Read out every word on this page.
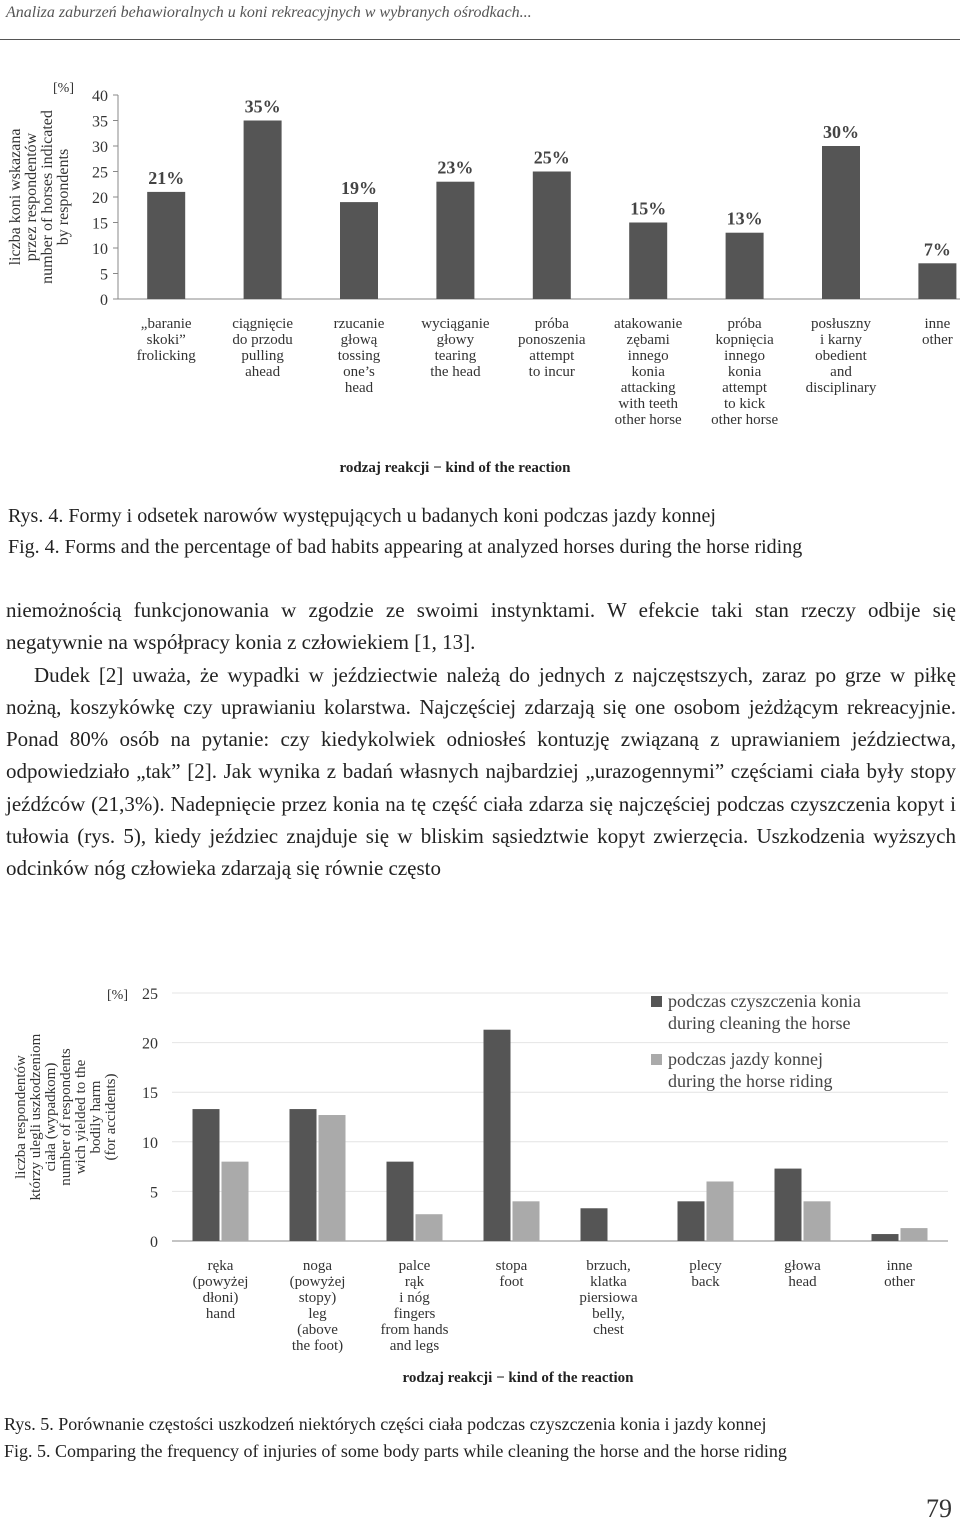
Analiza zaburzeń behawioralnych u koni rekreacyjnych w wybranych ośrodkach...
0
5
10
15
20
25
30
35
40
[%]
liczba koni wskazanaprzez respondentównumber of horses indicatedby respondents	21%
„baranie
skoki”
frolicking
35%
ciągnięcie
do przodu
pulling
ahead
19%
rzucanie
głową
tossing
one’s
head
23%
wyciąganie
głowy
tearing
the head
25%
próba
ponoszenia
attempt
to incur
15%
atakowanie
zębami
innego
konia
attacking
with teeth
other horse
13%
próba
kopnięcia
innego
konia
attempt
to kick
other horse
30%
posłuszny
i karny
obedient
and
disciplinary
7%
inne
other
rodzaj reakcji − kind of the reaction
Rys. 4. Formy i odsetek narowów występujących u badanych koni podczas jazdy konnej
Fig. 4. Forms and the percentage of bad habits appearing at analyzed horses during the horse riding

niemożnością funkcjonowania w zgodzie ze swoimi instynktami. W efekcie taki stan rzeczy odbije się negatywnie na współpracy konia z człowiekiem [1, 13].

Dudek [2] uważa, że wypadki w jeździectwie należą do jednych z najczęstszych, zaraz po grze w piłkę nożną, koszykówkę czy uprawianiu kolarstwa. Najczęściej zdarzają się one osobom jeżdżącym rekreacyjnie. Ponad 80% osób na pytanie: czy kiedykolwiek odniosłeś kontuzję związaną z uprawianiem jeździectwa, odpowiedziało „tak” [2]. Jak wynika z badań własnych najbardziej „urazogennymi” częściami ciała były stopy jeźdźców (21,3%). Nadepnięcie przez konia na tę część ciała zdarza się najczęściej podczas czyszczenia kopyt i tułowia (rys. 5), kiedy jeździec znajduje się w bliskim sąsiedztwie kopyt zwierzęcia. Uszkodzenia wyższych odcinków nóg człowieka zdarzają się równie często

0
5
10
15
20
25
[%]
liczba respondentówktórzy ulegli uszkodzeniomciała (wypadkom)number of respondentswich yielded to thebodily harm(for accidents)
ręka
(powyżej
dłoni)
hand
noga
(powyżej
stopy)
leg
(above
the foot)
palce
rąk
i nóg
fingers
from hands
and legs
stopa
foot
brzuch,
klatka
piersiowa
belly,
chest
plecy
back
głowa
head
inne
other
podczas czyszczenia konia
during cleaning the horse
podczas jazdy konnej
during the horse riding
rodzaj reakcji − kind of the reaction
Rys. 5. Porównanie częstości uszkodzeń niektórych części ciała podczas czyszczenia konia i jazdy konnej
Fig. 5. Comparing the frequency of injuries of some body parts while cleaning the horse and the horse riding
79
